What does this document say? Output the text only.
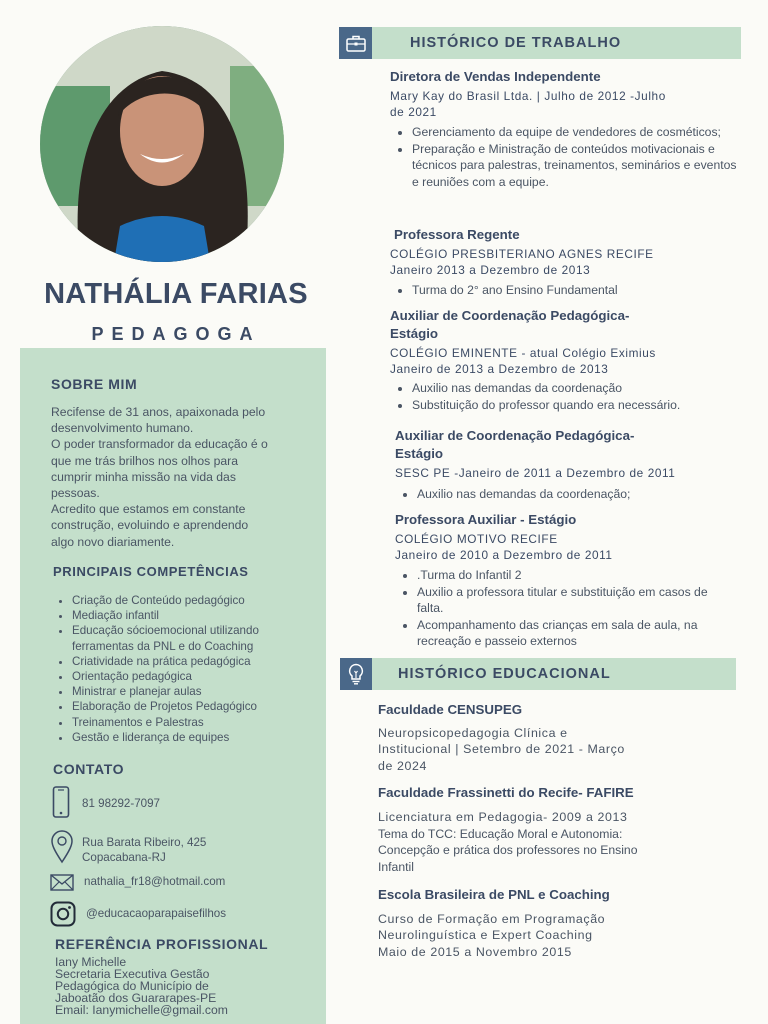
NATHÁLIA FARIAS
PEDAGOGA
SOBRE MIM
Recifense de 31 anos, apaixonada pelo
desenvolvimento humano.
O poder transformador da educação é o
que me trás brilhos nos olhos para
cumprir minha missão na vida das
pessoas.
Acredito que estamos em constante
construção, evoluindo e aprendendo
algo novo diariamente.
PRINCIPAIS COMPETÊNCIAS
• Criação de Conteúdo pedagógico
• Mediação infantil
• Educação sócioemocional utilizando ferramentas da PNL e do Coaching
• Criatividade na prática pedagógica
• Orientação pedagógica
• Ministrar e planejar aulas
• Elaboração de Projetos Pedagógico
• Treinamentos e Palestras
• Gestão e liderança de equipes
CONTATO
81 98292-7097
Rua Barata Ribeiro, 425
Copacabana-RJ
nathalia_fr18@hotmail.com
@educacaoparapaisefilhos
REFERÊNCIA PROFISSIONAL
Iany Michelle
Secretaria Executiva Gestão
Pedagógica do Município de
Jaboatão dos Guararapes-PE
Email: Ianymichelle@gmail.com
HISTÓRICO DE TRABALHO
Diretora de Vendas Independente
Mary Kay do Brasil Ltda. | Julho de 2012 -Julho
de 2021
• Gerenciamento da equipe de vendedores de cosméticos;
• Preparação e Ministração de conteúdos motivacionais e técnicos para palestras, treinamentos, seminários e eventos e reuniões com a equipe.
Professora Regente
COLÉGIO PRESBITERIANO AGNES RECIFE
Janeiro 2013 a Dezembro de 2013
• Turma do 2° ano Ensino Fundamental
Auxiliar de Coordenação Pedagógica-
Estágio
COLÉGIO EMINENTE - atual Colégio Eximius
Janeiro de 2013 a Dezembro de 2013
• Auxilio nas demandas da coordenação
• Substituição do professor quando era necessário.
Auxiliar de Coordenação Pedagógica-
Estágio
SESC PE -Janeiro de 2011 a Dezembro de 2011
• Auxilio nas demandas da coordenação;
Professora Auxiliar - Estágio
COLÉGIO MOTIVO RECIFE
Janeiro de 2010 a Dezembro de 2011
• .Turma do Infantil 2
• Auxilio a professora titular e substituição em casos de falta.
• Acompanhamento das crianças em sala de aula, na recreação e passeio externos
HISTÓRICO EDUCACIONAL
Faculdade CENSUPEG
Neuropsicopedagogia Clínica e
Institucional | Setembro de 2021 - Março
de 2024
Faculdade Frassinetti do Recife- FAFIRE
Licenciatura em Pedagogia- 2009 a 2013
Tema do TCC: Educação Moral e Autonomia:
Concepção e prática dos professores no Ensino
Infantil
Escola Brasileira de PNL e Coaching
Curso de Formação em Programação
Neurolinguística e Expert Coaching
Maio de 2015 a Novembro 2015
